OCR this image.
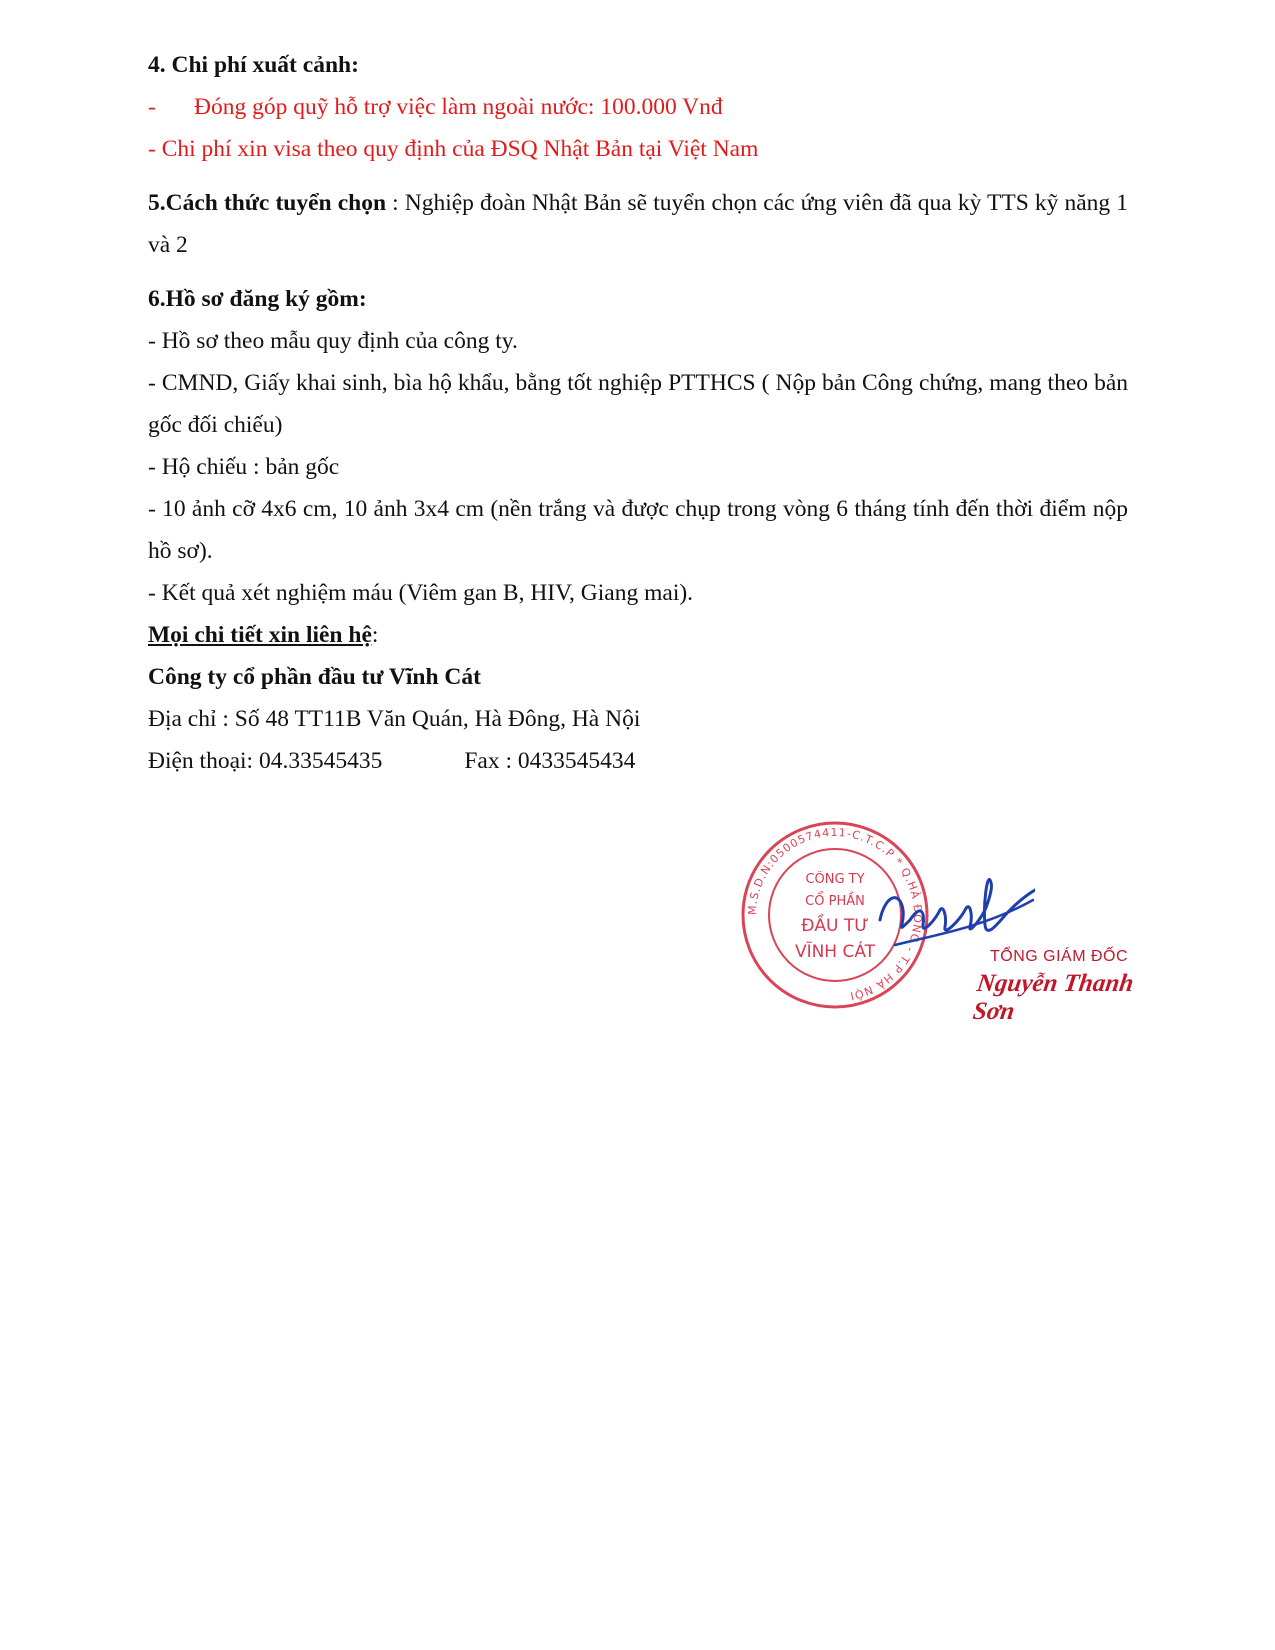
4. Chi phí xuất cảnh:
- Đóng góp quỹ hỗ trợ việc làm ngoài nước: 100.000 Vnđ
- Chi phí xin visa theo quy định của ĐSQ Nhật Bản tại Việt Nam
5.Cách thức tuyển chọn : Nghiệp đoàn Nhật Bản sẽ tuyển chọn các ứng viên đã qua kỳ TTS kỹ năng 1 và 2
6.Hồ sơ đăng ký gồm:
- Hồ sơ theo mẫu quy định của công ty.
- CMND, Giấy khai sinh, bìa hộ khẩu, bằng tốt nghiệp PTTHCS ( Nộp bản Công chứng, mang theo bản gốc đối chiếu)
- Hộ chiếu : bản gốc
- 10 ảnh cỡ 4x6 cm, 10 ảnh 3x4 cm (nền trắng và được chụp trong vòng 6 tháng tính đến thời điểm nộp hồ sơ).
- Kết quả xét nghiệm máu (Viêm gan B, HIV, Giang mai).
Mọi chi tiết xin liên hệ:
Công ty cổ phần đầu tư Vĩnh Cát
Địa chỉ : Số 48 TT11B Văn Quán, Hà Đông, Hà Nội
Điện thoại: 04.33545435	Fax : 0433545434
M.S.D.N:0500574411-C.T.C.P * Q.HÀ ĐÔNG - T.P HÀ NỘI
CÔNG TY
CỔ PHẦN
ĐẦU TƯ
VĨNH CÁT	TỔNG GIÁM ĐỐC
Nguyễn Thanh Sơn
